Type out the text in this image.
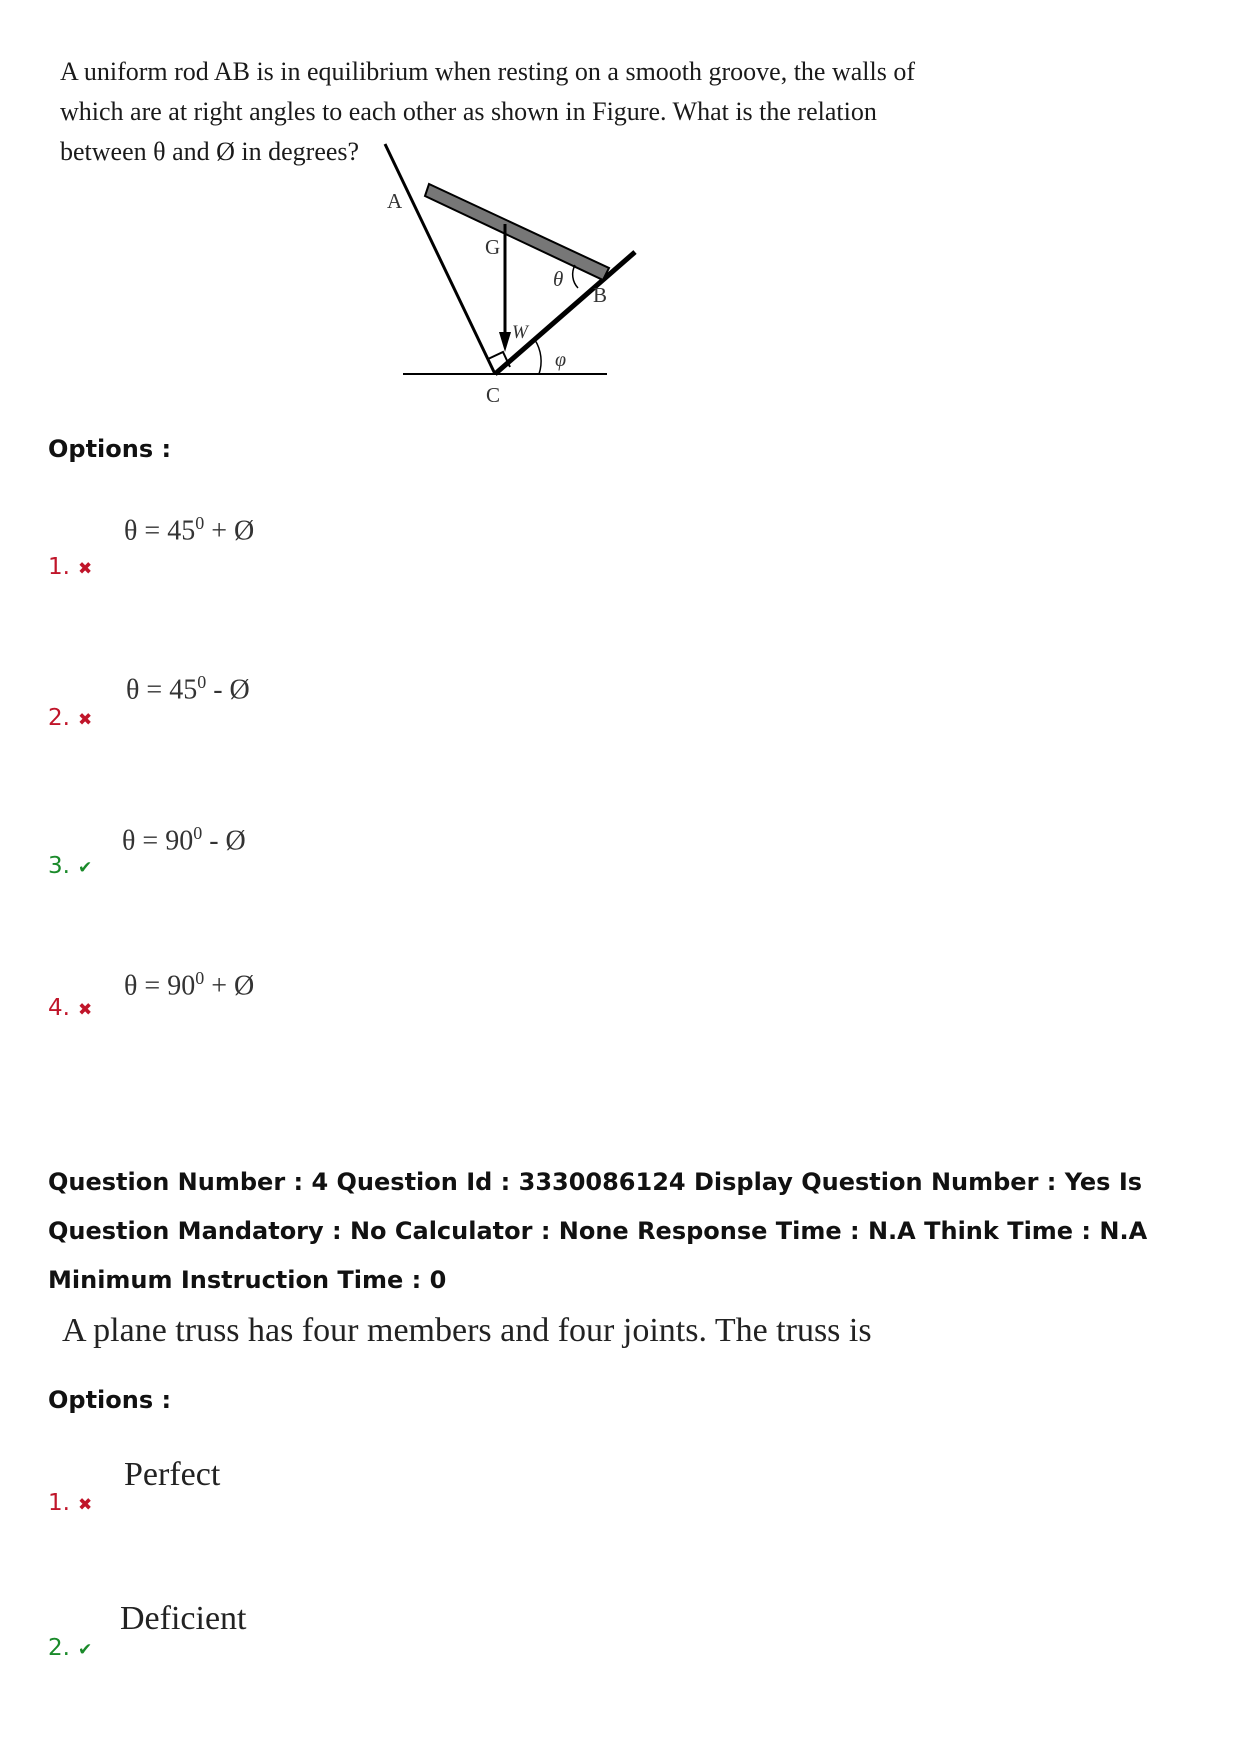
A uniform rod AB is in equilibrium when resting on a smooth groove, the walls of which are at right angles to each other as shown in Figure. What is the relation between θ and Ø in degrees?
A
G
θ
B
W
φ
C
Options :
$\theta = 45^0$ + Ø
1. ✖
$\theta = 45^0$ - Ø
2. ✖
$\theta = 90^0$ - Ø
3. ✔
$\theta = 90^0$ + Ø
4. ✖
Question Number : 4 Question Id : 3330086124 Display Question Number : Yes Is Question Mandatory : No Calculator : None Response Time : N.A Think Time : N.A Minimum Instruction Time : 0
A plane truss has four members and four joints. The truss is
Options :
Perfect
1. ✖
Deficient
2. ✔
